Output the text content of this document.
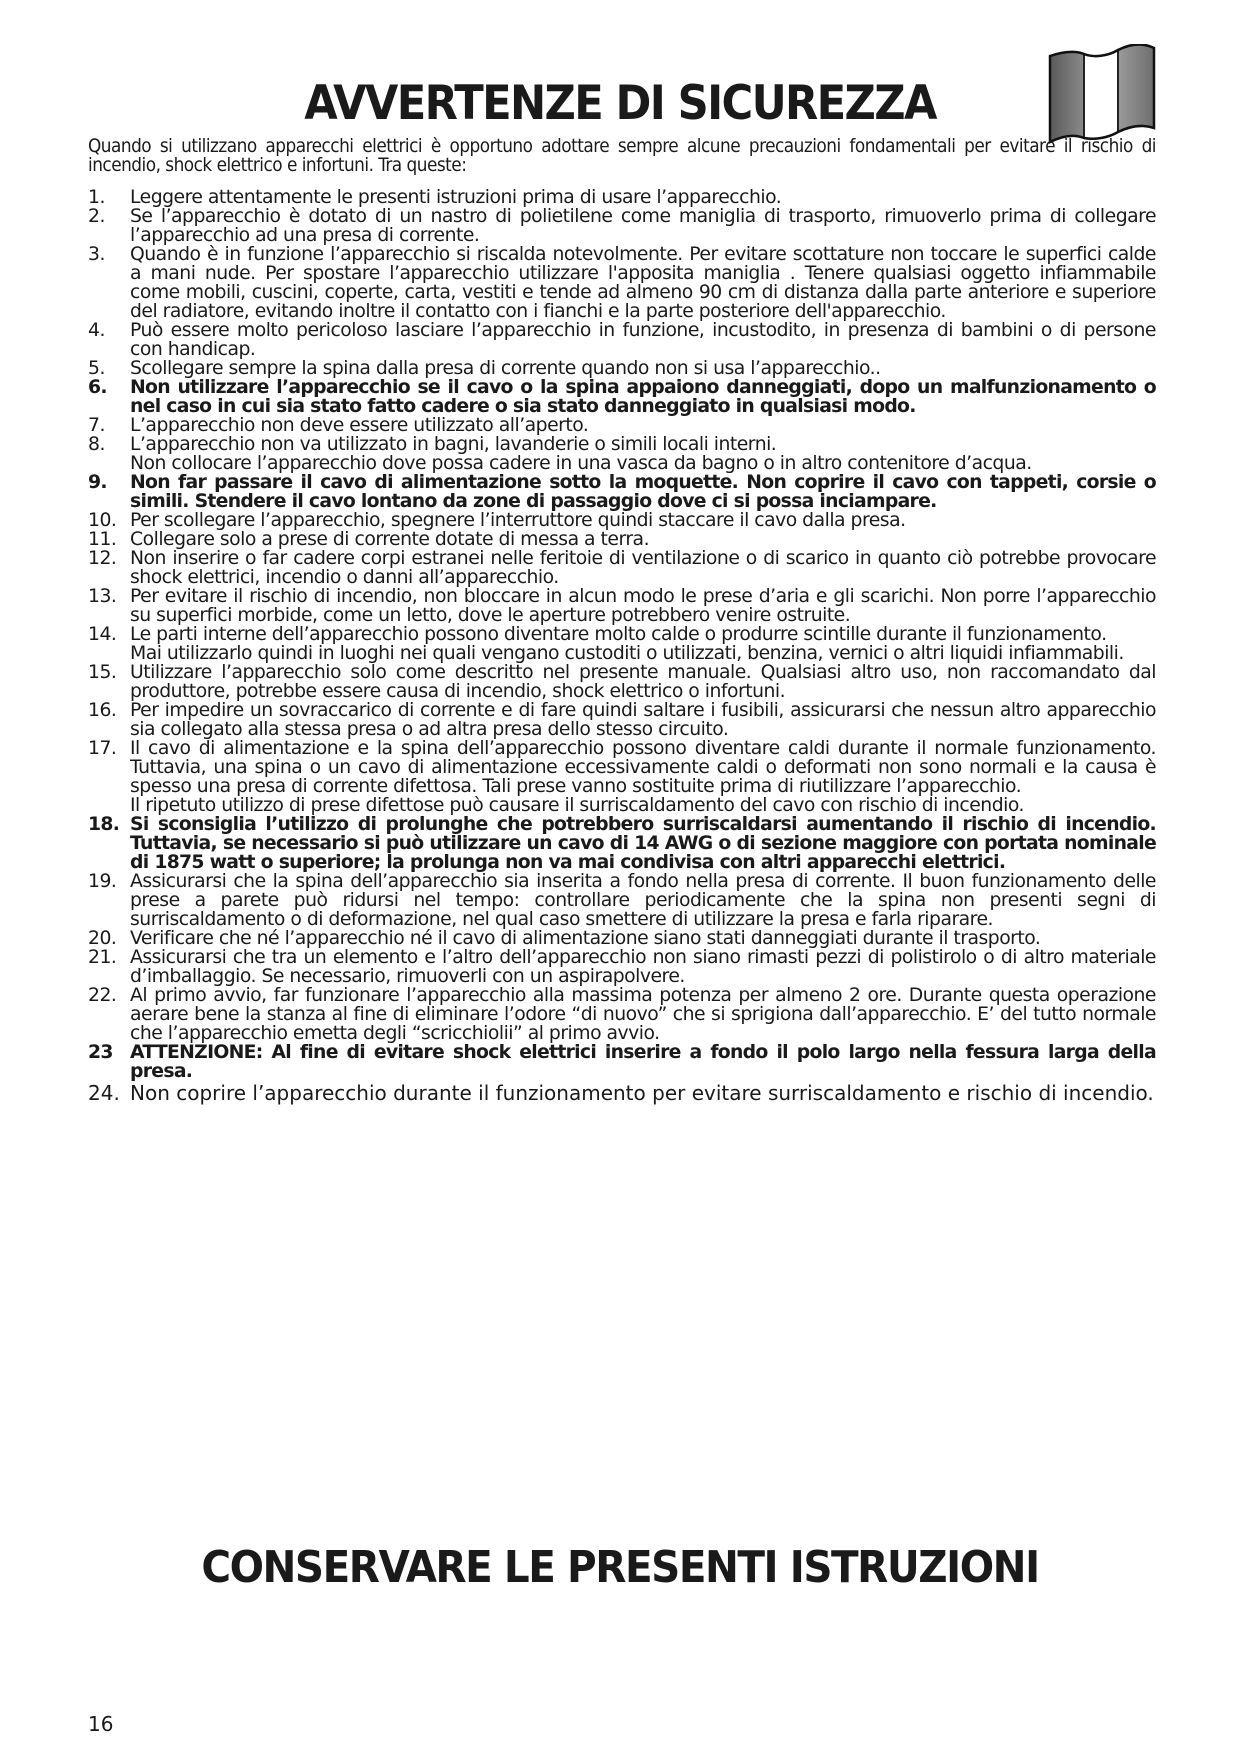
AVVERTENZE DI SICUREZZA

Quando si utilizzano apparecchi elettrici è opportuno adottare sempre alcune precauzioni fondamentali per evitare il rischio di incendio, shock elettrico e infortuni. Tra queste:

1.	Leggere attentamente le presenti istruzioni prima di usare l’apparecchio.
2.	Se l’apparecchio è dotato di un nastro di polietilene come maniglia di trasporto, rimuoverlo prima di collegare l’apparecchio ad una presa di corrente.
3.	Quando è in funzione l’apparecchio si riscalda notevolmente. Per evitare scottature non toccare le superfici calde a mani nude. Per spostare l’apparecchio utilizzare l'apposita maniglia . Tenere qualsiasi oggetto infiammabile come mobili, cuscini, coperte, carta, vestiti e tende ad almeno 90 cm di distanza dalla parte anteriore e superiore del radiatore, evitando inoltre il contatto con i fianchi e la parte posteriore dell'apparecchio.
4.	Può essere molto pericoloso lasciare l’apparecchio in funzione, incustodito, in presenza di bambini o di persone con handicap.
5.	Scollegare sempre la spina dalla presa di corrente quando non si usa l’apparecchio..
6.	Non utilizzare l’apparecchio se il cavo o la spina appaiono danneggiati, dopo un malfunzionamento o nel caso in cui sia stato fatto cadere o sia stato danneggiato in qualsiasi modo.
7.	L’apparecchio non deve essere utilizzato all’aperto.
8.	L’apparecchio non va utilizzato in bagni, lavanderie o simili locali interni.
Non collocare l’apparecchio dove possa cadere in una vasca da bagno o in altro contenitore d’acqua.
9.	Non far passare il cavo di alimentazione sotto la moquette. Non coprire il cavo con tappeti, corsie o simili. Stendere il cavo lontano da zone di passaggio dove ci si possa inciampare.
10. Per scollegare l’apparecchio, spegnere l’interruttore quindi staccare il cavo dalla presa.
11. Collegare solo a prese di corrente dotate di messa a terra.
12. Non inserire o far cadere corpi estranei nelle feritoie di ventilazione o di scarico in quanto ciò potrebbe provocare shock elettrici, incendio o danni all’apparecchio.
13. Per evitare il rischio di incendio, non bloccare in alcun modo le prese d’aria e gli scarichi. Non porre l’apparecchio su superfici morbide, come un letto, dove le aperture potrebbero venire ostruite.
14. Le parti interne dell’apparecchio possono diventare molto calde o produrre scintille durante il funzionamento.
Mai utilizzarlo quindi in luoghi nei quali vengano custoditi o utilizzati, benzina, vernici o altri liquidi infiammabili.
15. Utilizzare l’apparecchio solo come descritto nel presente manuale. Qualsiasi altro uso, non raccomandato dal produttore, potrebbe essere causa di incendio, shock elettrico o infortuni.
16. Per impedire un sovraccarico di corrente e di fare quindi saltare i fusibili, assicurarsi che nessun altro apparecchio sia collegato alla stessa presa o ad altra presa dello stesso circuito.
17. Il cavo di alimentazione e la spina dell’apparecchio possono diventare caldi durante il normale funzionamento. Tuttavia, una spina o un cavo di alimentazione eccessivamente caldi o deformati non sono normali e la causa è spesso una presa di corrente difettosa. Tali prese vanno sostituite prima di riutilizzare l’apparecchio.
Il ripetuto utilizzo di prese difettose può causare il surriscaldamento del cavo con rischio di incendio.
18. Si sconsiglia l’utilizzo di prolunghe che potrebbero surriscaldarsi aumentando il rischio di incendio. Tuttavia, se necessario si può utilizzare un cavo di 14 AWG o di sezione maggiore con portata nominale di 1875 watt o superiore; la prolunga non va mai condivisa con altri apparecchi elettrici.
19. Assicurarsi che la spina dell’apparecchio sia inserita a fondo nella presa di corrente. Il buon funzionamento delle prese a parete può ridursi nel tempo: controllare periodicamente che la spina non presenti segni di surriscaldamento o di deformazione, nel qual caso smettere di utilizzare la presa e farla riparare.
20. Verificare che né l’apparecchio né il cavo di alimentazione siano stati danneggiati durante il trasporto.
21. Assicurarsi che tra un elemento e l’altro dell’apparecchio non siano rimasti pezzi di polistirolo o di altro materiale d’imballaggio. Se necessario, rimuoverli con un aspirapolvere.
22. Al primo avvio, far funzionare l’apparecchio alla massima potenza per almeno 2 ore. Durante questa operazione aerare bene la stanza al fine di eliminare l’odore “di nuovo” che si sprigiona dall’apparecchio. E’ del tutto normale che l’apparecchio emetta degli “scricchiolii” al primo avvio.
23 ATTENZIONE: Al fine di evitare shock elettrici inserire a fondo il polo largo nella fessura larga della presa.
24. Non coprire l’apparecchio durante il funzionamento per evitare surriscaldamento e rischio di incendio.
CONSERVARE LE PRESENTI ISTRUZIONI
16
